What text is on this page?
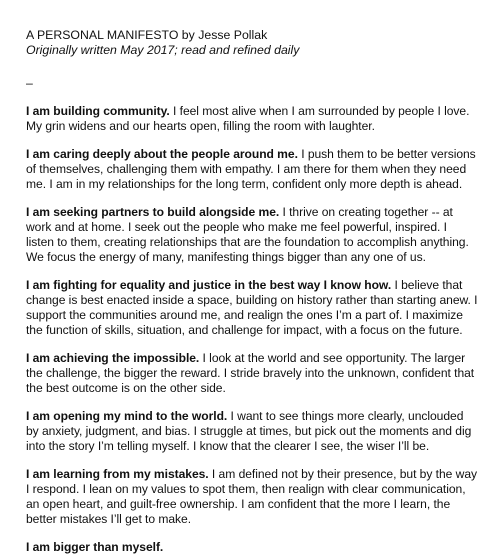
A PERSONAL MANIFESTO by Jesse Pollak

Originally written May 2017; read and refined daily

–

I am building community. I feel most alive when I am surrounded by people I love. My grin widens and our hearts open, filling the room with laughter.

I am caring deeply about the people around me. I push them to be better versions of themselves, challenging them with empathy. I am there for them when they need me. I am in my relationships for the long term, confident only more depth is ahead.

I am seeking partners to build alongside me. I thrive on creating together -- at work and at home. I seek out the people who make me feel powerful, inspired. I listen to them, creating relationships that are the foundation to accomplish anything. We focus the energy of many, manifesting things bigger than any one of us.

I am fighting for equality and justice in the best way I know how. I believe that change is best enacted inside a space, building on history rather than starting anew. I support the communities around me, and realign the ones I’m a part of. I maximize the function of skills, situation, and challenge for impact, with a focus on the future.

I am achieving the impossible. I look at the world and see opportunity. The larger the challenge, the bigger the reward. I stride bravely into the unknown, confident that the best outcome is on the other side.

I am opening my mind to the world. I want to see things more clearly, unclouded by anxiety, judgment, and bias. I struggle at times, but pick out the moments and dig into the story I’m telling myself. I know that the clearer I see, the wiser I’ll be.

I am learning from my mistakes. I am defined not by their presence, but by the way I respond. I lean on my values to spot them, then realign with clear communication, an open heart, and guilt-free ownership. I am confident that the more I learn, the better mistakes I’ll get to make.

I am bigger than myself.
